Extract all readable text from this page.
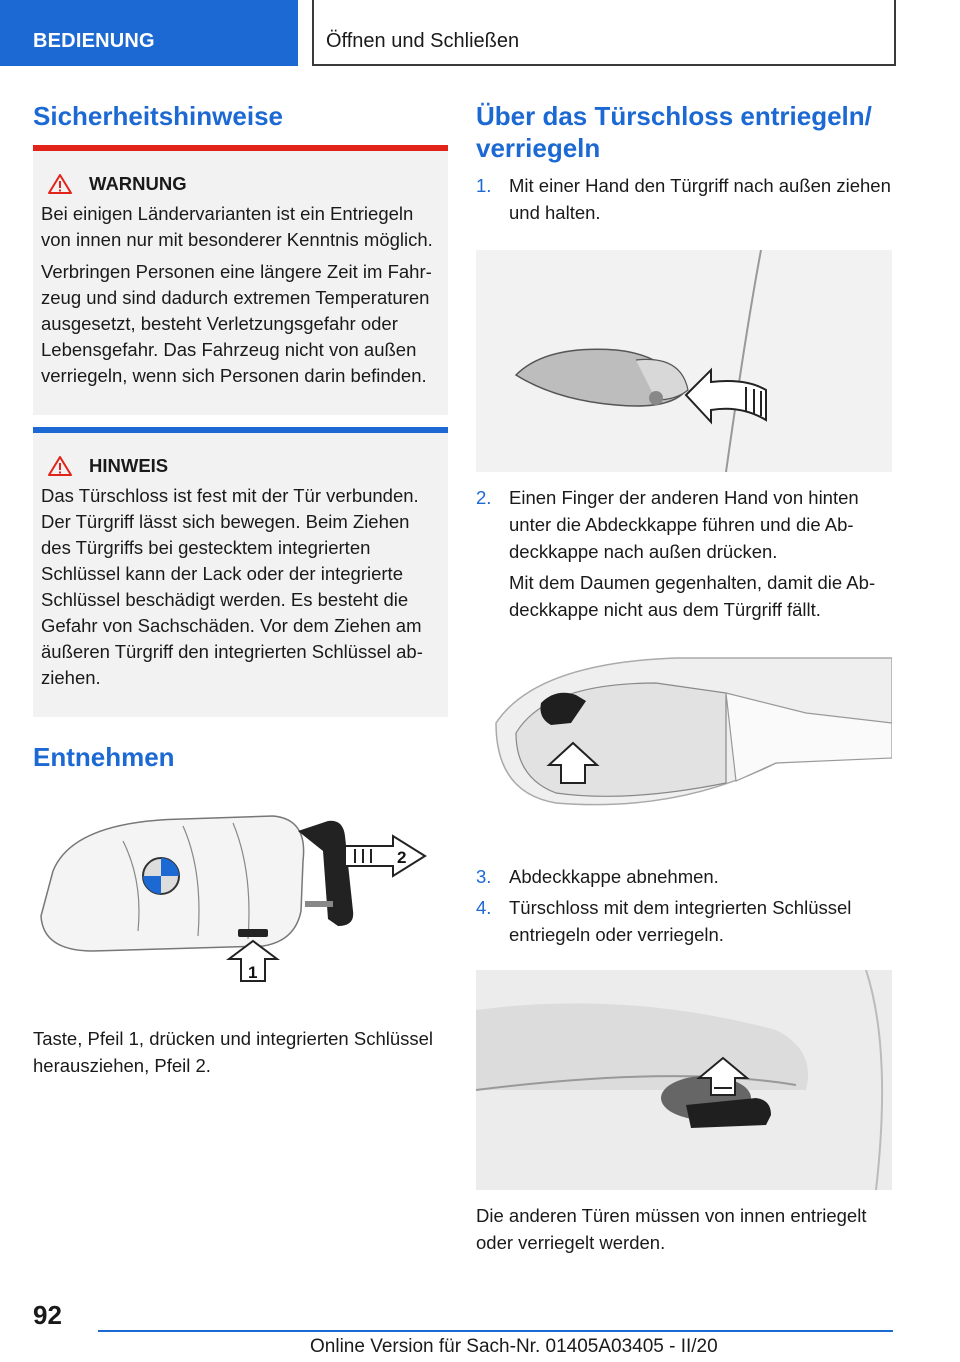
BEDIENUNG	Öffnen und Schließen
Sicherheitshinweise
WARNUNG

Bei einigen Ländervarianten ist ein Entriegeln von innen nur mit besonderer Kenntnis möglich.

Verbringen Personen eine längere Zeit im Fahrzeug und sind dadurch extremen Temperaturen ausgesetzt, besteht Verletzungsgefahr oder Lebensgefahr. Das Fahrzeug nicht von außen verriegeln, wenn sich Personen darin befinden.

HINWEIS

Das Türschloss ist fest mit der Tür verbunden. Der Türgriff lässt sich bewegen. Beim Ziehen des Türgriffs bei gestecktem integrierten Schlüssel kann der Lack oder der integrierte Schlüssel beschädigt werden. Es besteht die Gefahr von Sachschäden. Vor dem Ziehen am äußeren Türgriff den integrierten Schlüssel abziehen.

Entnehmen
2
1

Taste, Pfeil 1, drücken und integrierten Schlüssel herausziehen, Pfeil 2.

Über das Türschloss entriegeln/ verriegeln
1. Mit einer Hand den Türgriff nach außen ziehen und halten.

2. Einen Finger der anderen Hand von hinten unter die Abdeckkappe führen und die Abdeckkappe nach außen drücken.

Mit dem Daumen gegenhalten, damit die Abdeckkappe nicht aus dem Türgriff fällt.

3. Abdeckkappe abnehmen.

4. Türschloss mit dem integrierten Schlüssel entriegeln oder verriegeln.

Die anderen Türen müssen von innen entriegelt oder verriegelt werden.

92
Online Version für Sach-Nr. 01405A03405 - II/20
